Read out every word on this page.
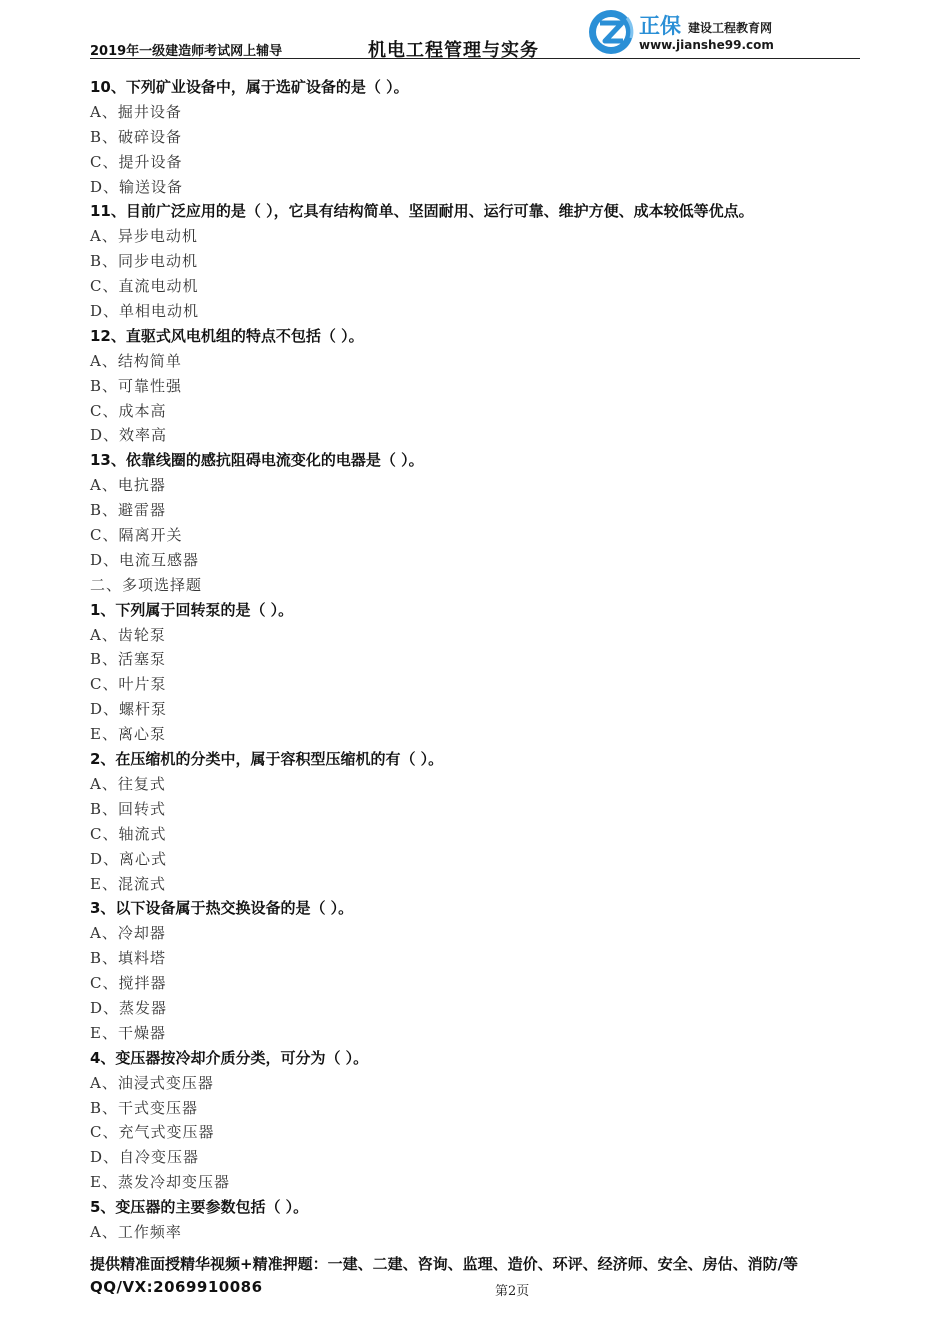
2019年一级建造师考试网上辅导	机电工程管理与实务
正保 建设工程教育网
www.jianshe99.com
10、下列矿业设备中，属于选矿设备的是（ ）。
A、掘井设备
B、破碎设备
C、提升设备
D、输送设备
11、目前广泛应用的是（ ），它具有结构简单、坚固耐用、运行可靠、维护方便、成本较低等优点。
A、异步电动机
B、同步电动机
C、直流电动机
D、单相电动机
12、直驱式风电机组的特点不包括（ ）。
A、结构简单
B、可靠性强
C、成本高
D、效率高
13、依靠线圈的感抗阻碍电流变化的电器是（ ）。
A、电抗器
B、避雷器
C、隔离开关
D、电流互感器
二、多项选择题
1、下列属于回转泵的是（ ）。
A、齿轮泵
B、活塞泵
C、叶片泵
D、螺杆泵
E、离心泵
2、在压缩机的分类中，属于容积型压缩机的有（ ）。
A、往复式
B、回转式
C、轴流式
D、离心式
E、混流式
3、以下设备属于热交换设备的是（ ）。
A、冷却器
B、填料塔
C、搅拌器
D、蒸发器
E、干燥器
4、变压器按冷却介质分类，可分为（ ）。
A、油浸式变压器
B、干式变压器
C、充气式变压器
D、自冷变压器
E、蒸发冷却变压器
5、变压器的主要参数包括（ ）。
A、工作频率
提供精准面授精华视频+精准押题：一建、二建、咨询、监理、造价、环评、经济师、安全、房估、消防/等
QQ/VX:2069910086	第2页
